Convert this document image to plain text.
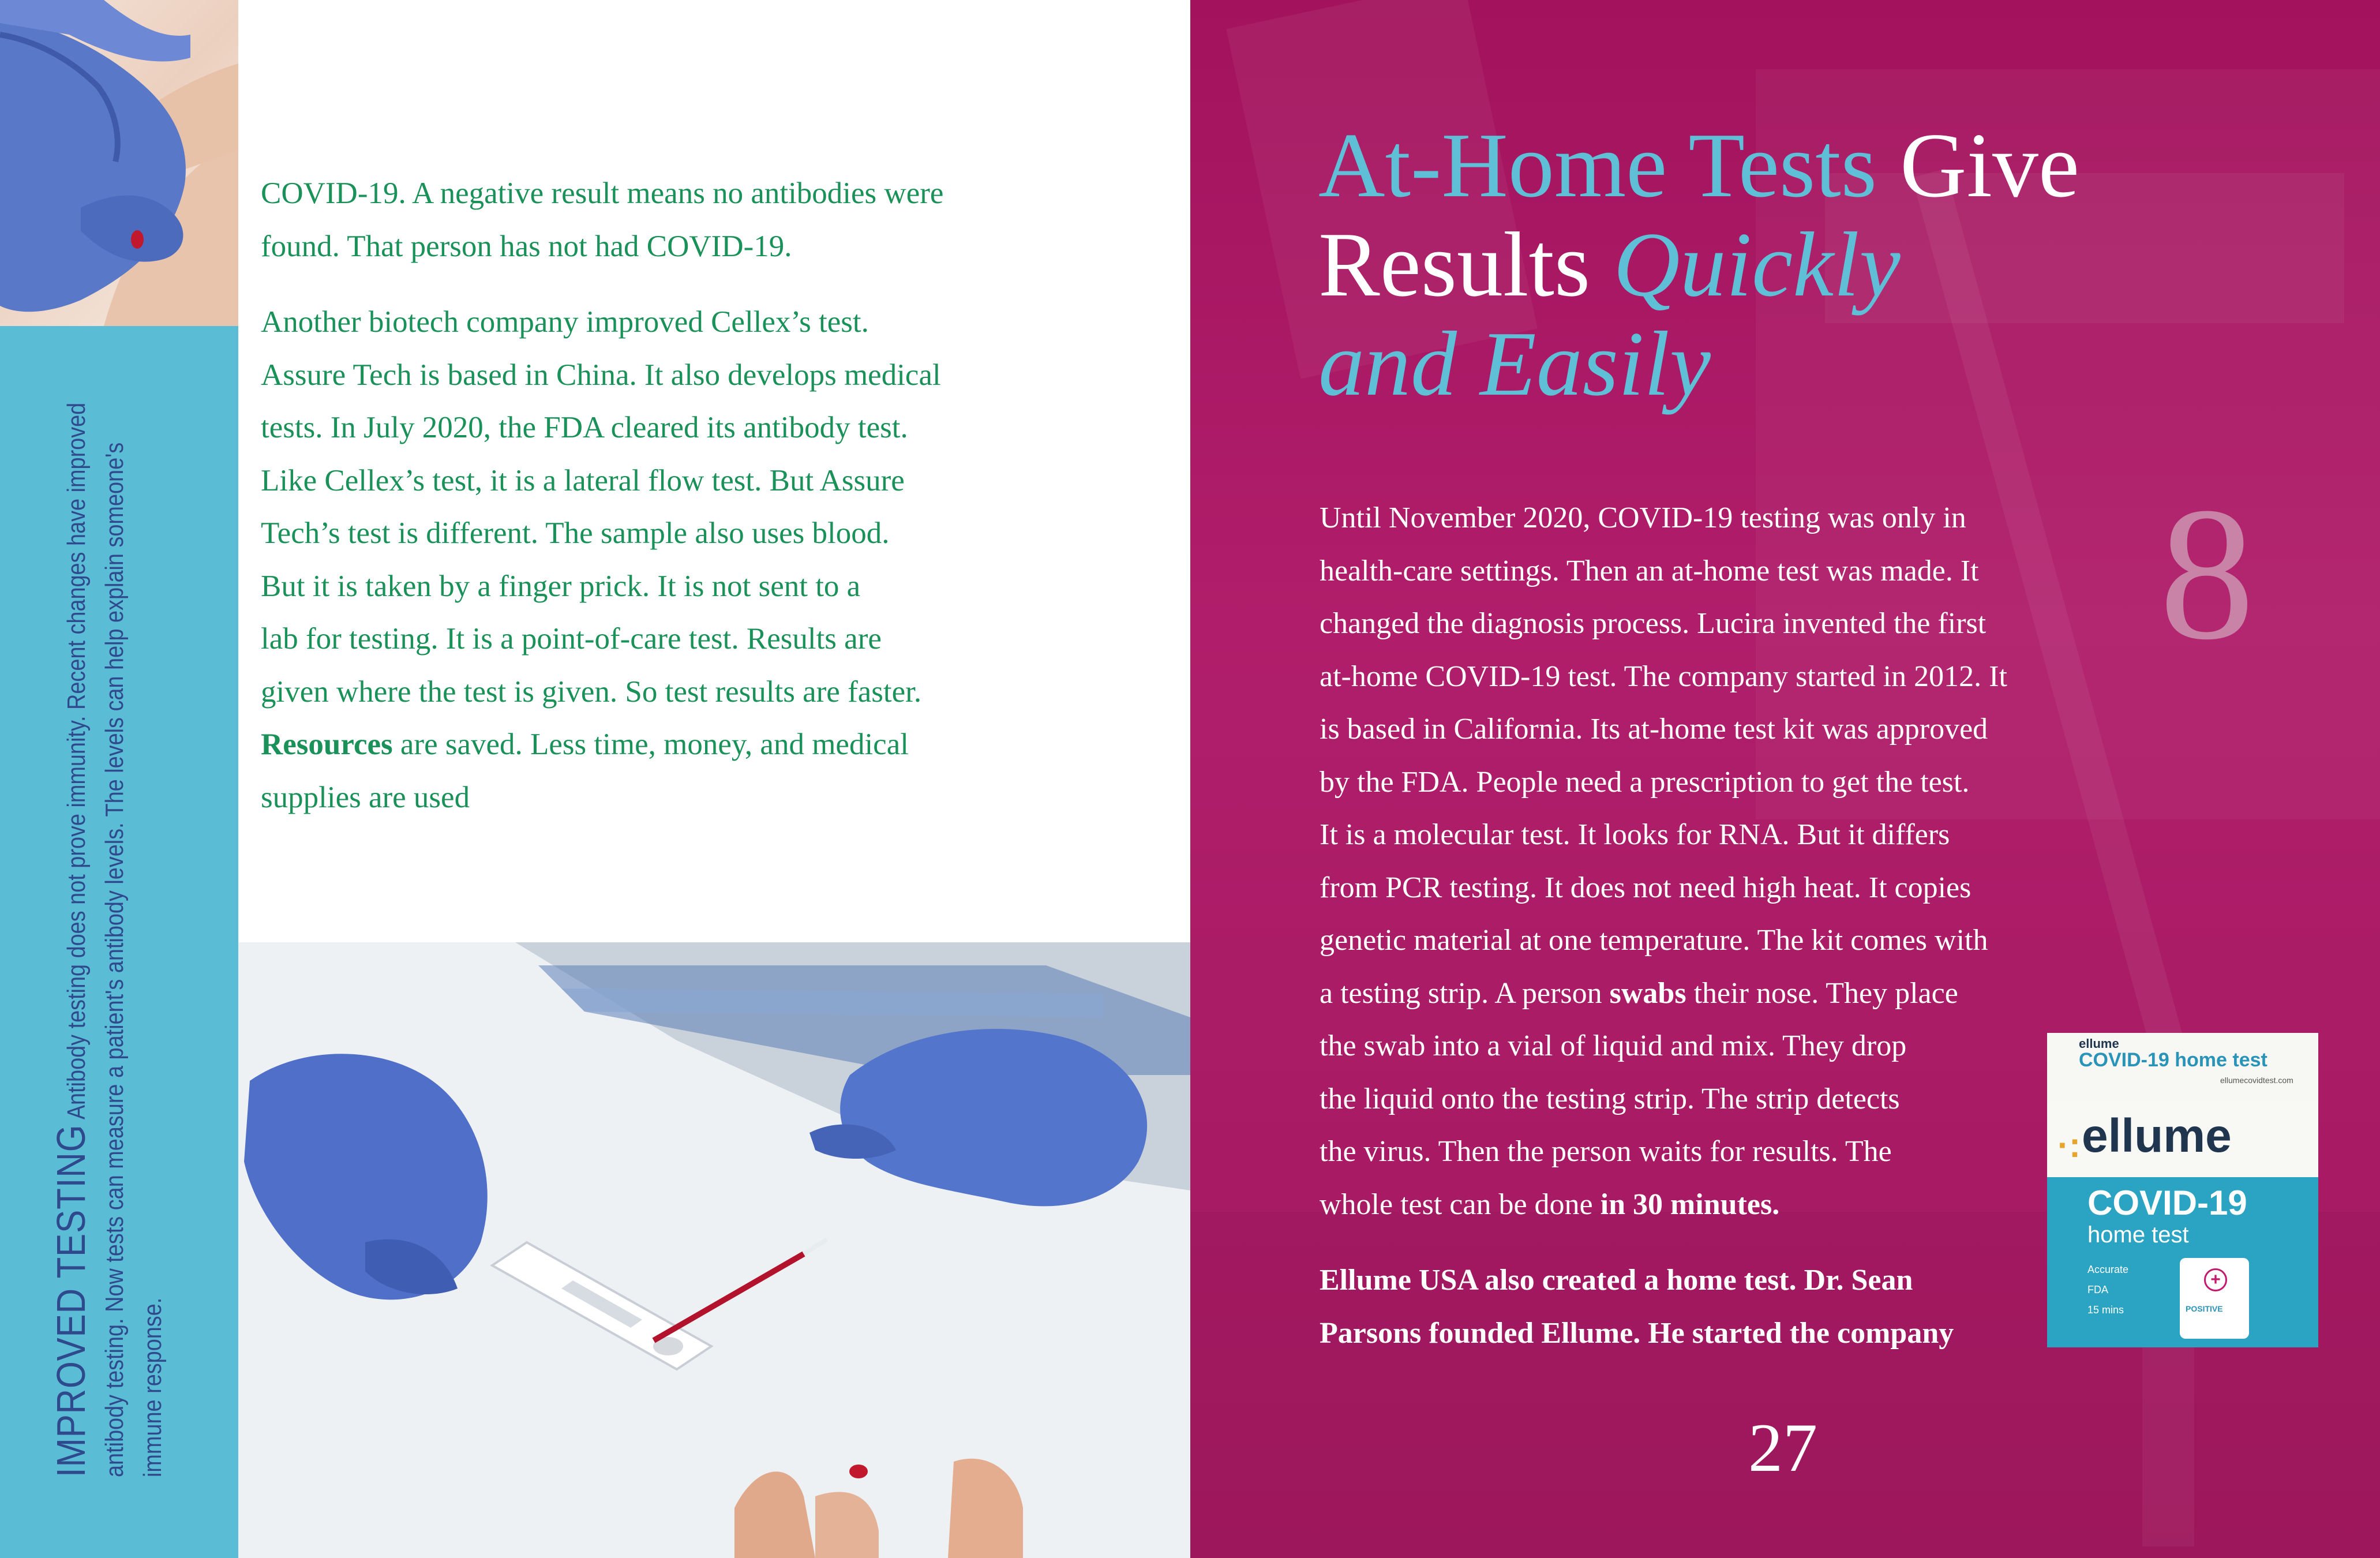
IMPROVED TESTING Antibody testing does not prove immunity. Recent changes have improved antibody testing. Now tests can measure a patient's antibody levels. The levels can help explain someone's immune response.
COVID-19. A negative result means no antibodies were
found. That person has not had COVID-19.
Another biotech company improved Cellex’s test.
Assure Tech is based in China. It also develops medical
tests. In July 2020, the FDA cleared its antibody test.
Like Cellex’s test, it is a lateral flow test. But Assure
Tech’s test is different. The sample also uses blood.
But it is taken by a finger prick. It is not sent to a
lab for testing. It is a point-of-care test. Results are
given where the test is given. So test results are faster.
Resources are saved. Less time, money, and medical
supplies are used
At-Home Tests Give
Results Quickly
and Easily
8
Until November 2020, COVID-19 testing was only in
health-care settings. Then an at-home test was made. It
changed the diagnosis process. Lucira invented the first
at-home COVID-19 test. The company started in 2012. It
is based in California. Its at-home test kit was approved
by the FDA. People need a prescription to get the test.
It is a molecular test. It looks for RNA. But it differs
from PCR testing. It does not need high heat. It copies
genetic material at one temperature. The kit comes with
a testing strip. A person swabs their nose. They place
the swab into a vial of liquid and mix. They drop
the liquid onto the testing strip. The strip detects
the virus. Then the person waits for results. The
whole test can be done in 30 minutes.
Ellume USA also created a home test. Dr. Sean
Parsons founded Ellume. He started the company
ellume
COVID-19 home test
ellumecovidtest.com
·: ellume
COVID-19
home test
Accurate
FDA
15 mins
+
POSITIVE
27
